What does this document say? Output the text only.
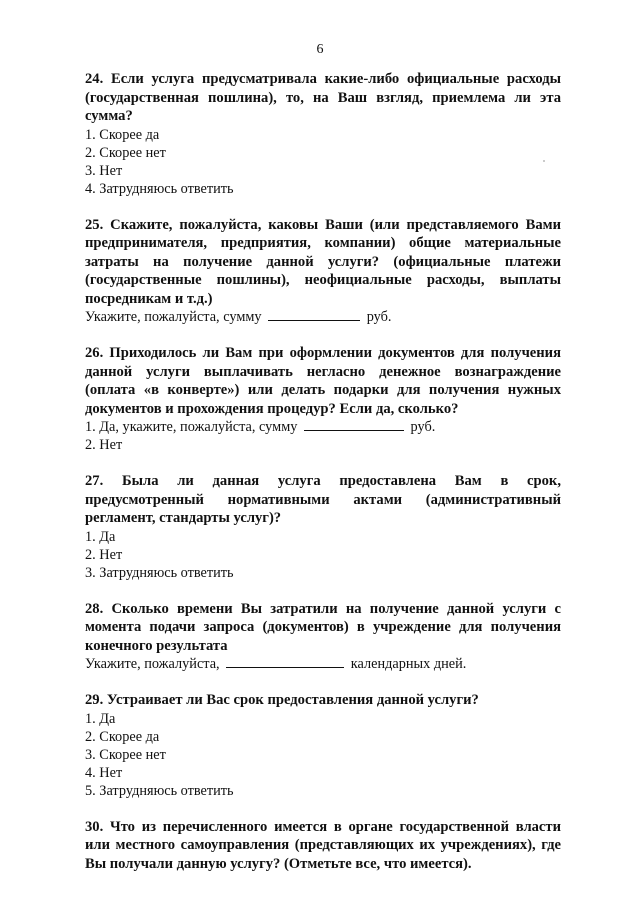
6
24. Если услуга предусматривала какие-либо официальные расходы (государственная пошлина), то, на Ваш взгляд, приемлема ли эта сумма?
1. Скорее да
2. Скорее нет
3. Нет
4. Затрудняюсь ответить
25. Скажите, пожалуйста, каковы Ваши (или представляемого Вами предпринимателя, предприятия, компании) общие материальные затраты на получение данной услуги? (официальные платежи (государственные пошлины), неофициальные расходы, выплаты посредникам и т.д.)
Укажите, пожалуйста, сумму	руб.
26. Приходилось ли Вам при оформлении документов для получения данной услуги выплачивать негласно денежное вознаграждение (оплата «в конверте») или делать подарки для получения нужных документов и прохождения процедур? Если да, сколько?
1. Да, укажите, пожалуйста, сумму	руб.
2. Нет
27. Была ли данная услуга предоставлена Вам в срок, предусмотренный нормативными актами (административный регламент, стандарты услуг)?
1. Да
2. Нет
3. Затрудняюсь ответить
28. Сколько времени Вы затратили на получение данной услуги с момента подачи запроса (документов) в учреждение для получения конечного результата
Укажите, пожалуйста,	календарных дней.
29. Устраивает ли Вас срок предоставления данной услуги?
1. Да
2. Скорее да
3. Скорее нет
4. Нет
5. Затрудняюсь ответить
30. Что из перечисленного имеется в органе государственной власти или местного самоуправления (представляющих их учреждениях), где Вы получали данную услугу? (Отметьте все, что имеется).
